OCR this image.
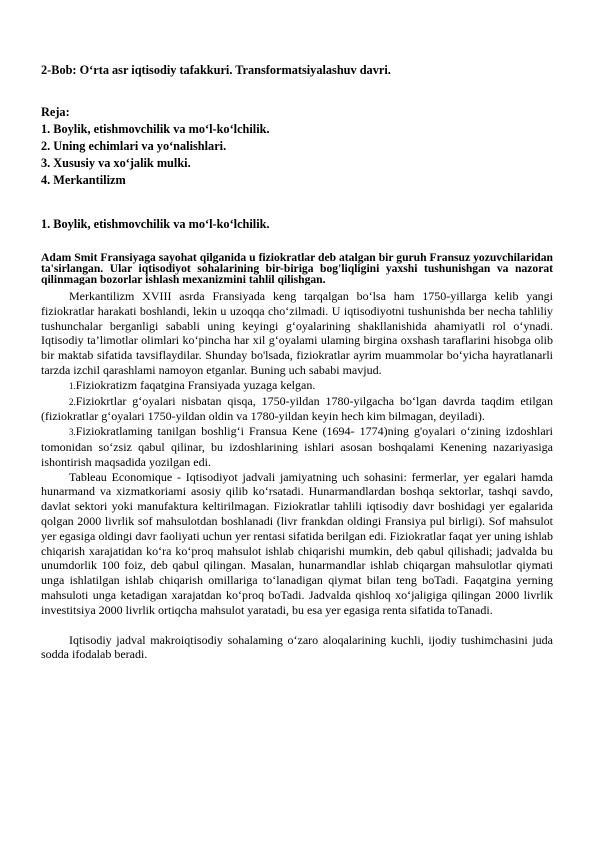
2-Bob: O‘rta asr iqtisodiy tafakkuri. Transformatsiyalashuv davri.
Reja:
1. Boylik, etishmovchilik va mo‘l-ko‘lchilik.
2. Uning echimlari va yo‘nalishlari.
3. Xususiy va xo‘jalik mulki.
4. Merkantilizm
1. Boylik, etishmovchilik va mo‘l-ko‘lchilik.
Adam Smit Fransiyaga sayohat qilganida u fiziokratlar deb atalgan bir guruh Fransuz yozuvchilaridan ta'sirlangan. Ular iqtisodiyot sohalarining bir-biriga bog'liqligini yaxshi tushunishgan va nazorat qilinmagan bozorlar ishlash mexanizmini tahlil qilishgan.

Merkantilizm XVIII asrda Fransiyada keng tarqalgan bo‘lsa ham 1750-yillarga kelib yangi fiziokratlar harakati boshlandi, lekin u uzoqqa cho‘zilmadi. U iqtisodiyotni tushunishda ber necha tahliliy tushunchalar berganligi sababli uning keyingi g‘oyalarining shakllanishida ahamiyatli rol o‘ynadi. Iqtisodiy ta’limotlar olimlari ko‘pincha har xil g‘oyalami ulaming birgina oxshash taraflarini hisobga olib bir maktab sifatida tavsiflaydilar. Shunday bo'lsada, fiziokratlar ayrim muammolar bo‘yicha hayratlanarli tarzda izchil qarashlami namoyon etganlar. Buning uch sababi mavjud.

1.Fiziokratizm faqatgina Fransiyada yuzaga kelgan.

2.Fiziokrtlar g‘oyalari nisbatan qisqa, 1750-yildan 1780-yilgacha bo‘lgan davrda taqdim etilgan (fiziokratlar g‘oyalari 1750-yildan oldin va 1780-yildan keyin hech kim bilmagan, deyiladi).

3.Fiziokratlaming tanilgan boshlig‘i Fransua Kene (1694- 1774)ning g'oyalari o‘zining izdoshlari tomonidan so‘zsiz qabul qilinar, bu izdoshlarining ishlari asosan boshqalami Kenening nazariyasiga ishontirish maqsadida yozilgan edi.

Tableau Economique - Iqtisodiyot jadvali jamiyatning uch sohasini: fermerlar, yer egalari hamda hunarmand va xizmatkoriami asosiy qilib ko‘rsatadi. Hunarmandlardan boshqa sektorlar, tashqi savdo, davlat sektori yoki manufaktura keltirilmagan. Fiziokratlar tahlili iqtisodiy davr boshidagi yer egalarida qolgan 2000 livrlik sof mahsulotdan boshlanadi (livr frankdan oldingi Fransiya pul birligi). Sof mahsulot yer egasiga oldingi davr faoliyati uchun yer rentasi sifatida berilgan edi. Fiziokratlar faqat yer uning ishlab chiqarish xarajatidan ko‘ra ko‘proq mahsulot ishlab chiqarishi mumkin, deb qabul qilishadi; jadvalda bu unumdorlik 100 foiz, deb qabul qilingan. Masalan, hunarmandlar ishlab chiqargan mahsulotlar qiymati unga ishlatilgan ishlab chiqarish omillariga to‘lanadigan qiymat bilan teng boTadi. Faqatgina yerning mahsuloti unga ketadigan xarajatdan ko‘proq boTadi. Jadvalda qishloq xo‘jaligiga qilingan 2000 livrlik investitsiya 2000 livrlik ortiqcha mahsulot yaratadi, bu esa yer egasiga renta sifatida toTanadi.

Iqtisodiy jadval makroiqtisodiy sohalaming o‘zaro aloqalarining kuchli, ijodiy tushimchasini juda sodda ifodalab beradi.
